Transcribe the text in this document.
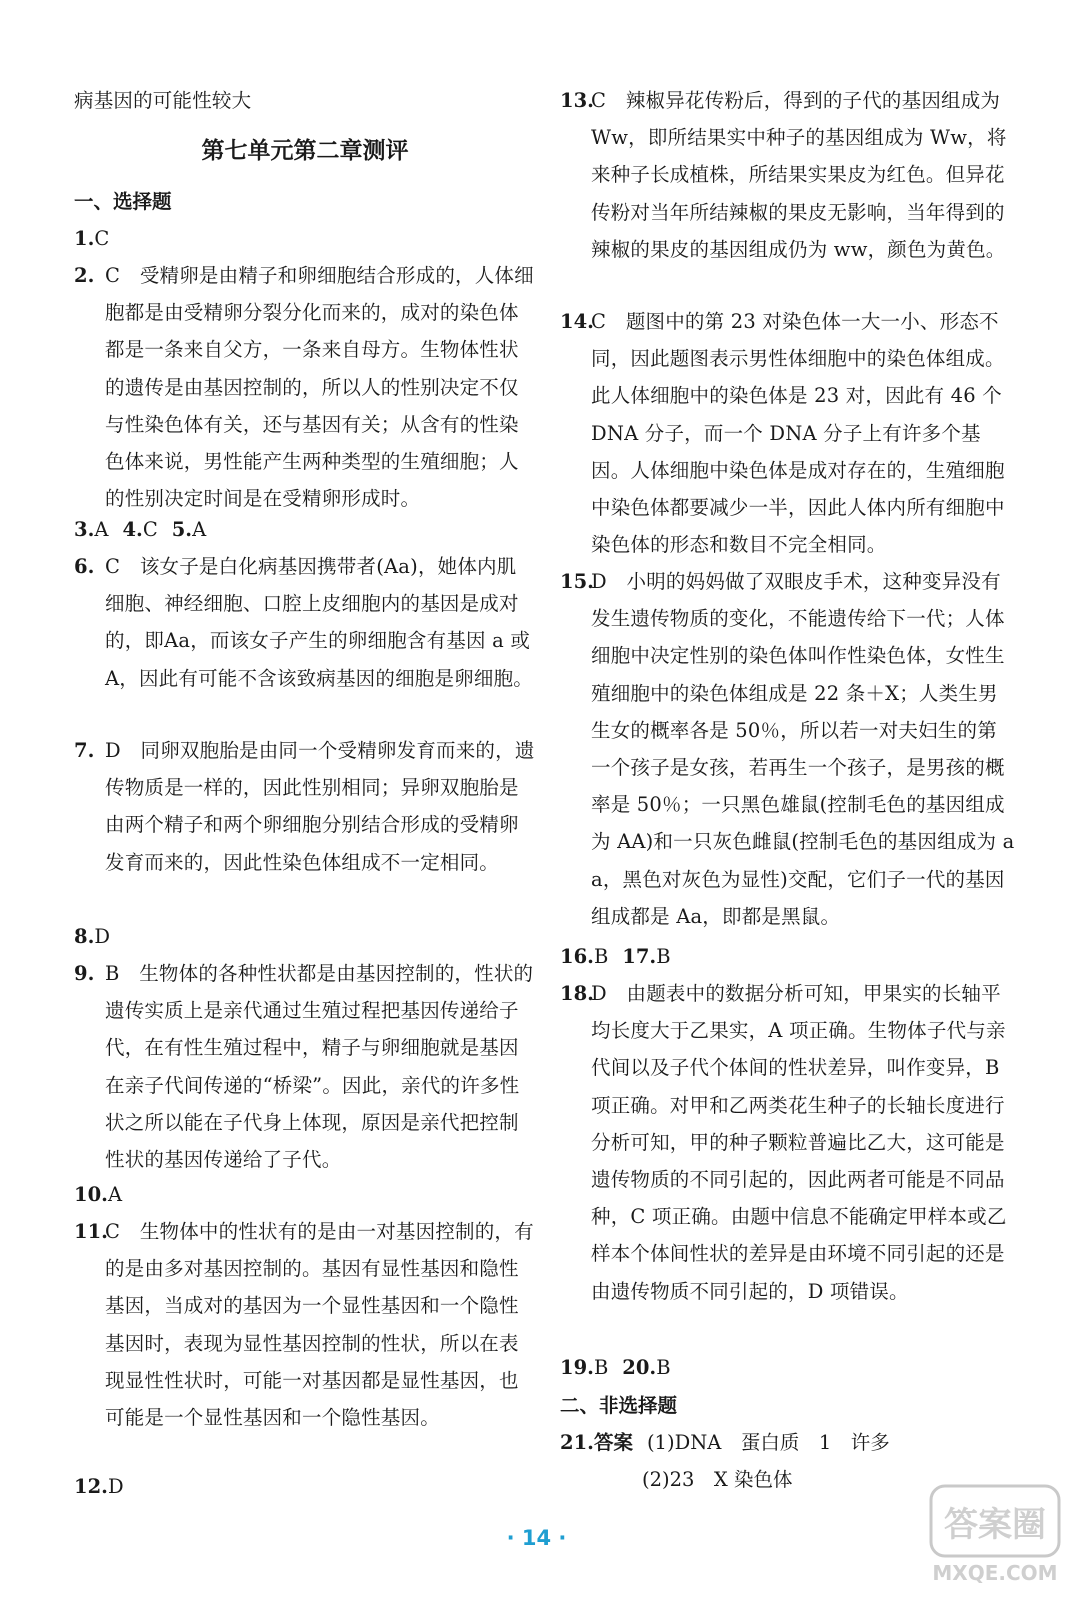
病基因的可能性较大
第七单元第二章测评
一、选择题
1.C
2. C　受精卵是由精子和卵细胞结合形成的，人体细胞都是由受精卵分裂分化而来的，成对的染色体都是一条来自父方，一条来自母方。生物体性状的遗传是由基因控制的，所以人的性别决定不仅与性染色体有关，还与基因有关；从含有的性染色体来说，男性能产生两种类型的生殖细胞；人的性别决定时间是在受精卵形成时。
3.A 4.C 5.A
6. C　该女子是白化病基因携带者(Aa)，她体内肌细胞、神经细胞、口腔上皮细胞内的基因是成对的，即Aa，而该女子产生的卵细胞含有基因 a 或 A，因此有可能不含该致病基因的细胞是卵细胞。
7. D　同卵双胞胎是由同一个受精卵发育而来的，遗传物质是一样的，因此性别相同；异卵双胞胎是由两个精子和两个卵细胞分别结合形成的受精卵发育而来的，因此性染色体组成不一定相同。
8.D
9. B　生物体的各种性状都是由基因控制的，性状的遗传实质上是亲代通过生殖过程把基因传递给子代，在有性生殖过程中，精子与卵细胞就是基因在亲子代间传递的“桥梁”。因此，亲代的许多性状之所以能在子代身上体现，原因是亲代把控制性状的基因传递给了子代。
10.A
11.
C　生物体中的性状有的是由一对基因控制的，有的是由多对基因控制的。基因有显性基因和隐性基因，当成对的基因为一个显性基因和一个隐性基因时，表现为显性基因控制的性状，所以在表现显性性状时，可能一对基因都是显性基因，也可能是一个显性基因和一个隐性基因。
12.D
13.
C　辣椒异花传粉后，得到的子代的基因组成为 Ww，即所结果实中种子的基因组成为 Ww，将来种子长成植株，所结果实果皮为红色。但异花传粉对当年所结辣椒的果皮无影响，当年得到的辣椒的果皮的基因组成仍为 ww，颜色为黄色。
14.
C　题图中的第 23 对染色体一大一小、形态不同，因此题图表示男性体细胞中的染色体组成。此人体细胞中的染色体是 23 对，因此有 46 个 DNA 分子，而一个 DNA 分子上有许多个基因。人体细胞中染色体是成对存在的，生殖细胞中染色体都要减少一半，因此人体内所有细胞中染色体的形态和数目不完全相同。
15.
D　小明的妈妈做了双眼皮手术，这种变异没有发生遗传物质的变化，不能遗传给下一代；人体细胞中决定性别的染色体叫作性染色体，女性生殖细胞中的染色体组成是 22 条＋X；人类生男生女的概率各是 50％，所以若一对夫妇生的第一个孩子是女孩，若再生一个孩子，是男孩的概率是 50％；一只黑色雄鼠(控制毛色的基因组成为 AA)和一只灰色雌鼠(控制毛色的基因组成为 aa，黑色对灰色为显性)交配，它们子一代的基因组成都是 Aa，即都是黑鼠。
16.B 17.B
18.
D　由题表中的数据分析可知，甲果实的长轴平均长度大于乙果实，A 项正确。生物体子代与亲代间以及子代个体间的性状差异，叫作变异，B 项正确。对甲和乙两类花生种子的长轴长度进行分析可知，甲的种子颗粒普遍比乙大，这可能是遗传物质的不同引起的，因此两者可能是不同品种，C 项正确。由题中信息不能确定甲样本或乙样本个体间性状的差异是由环境不同引起的还是由遗传物质不同引起的，D 项错误。
19.B 20.B
二、非选择题
21.答案 (1)DNA　蛋白质　1　许多
(2)23　X 染色体
· 14 ·	答案圈
MXQE.COM
